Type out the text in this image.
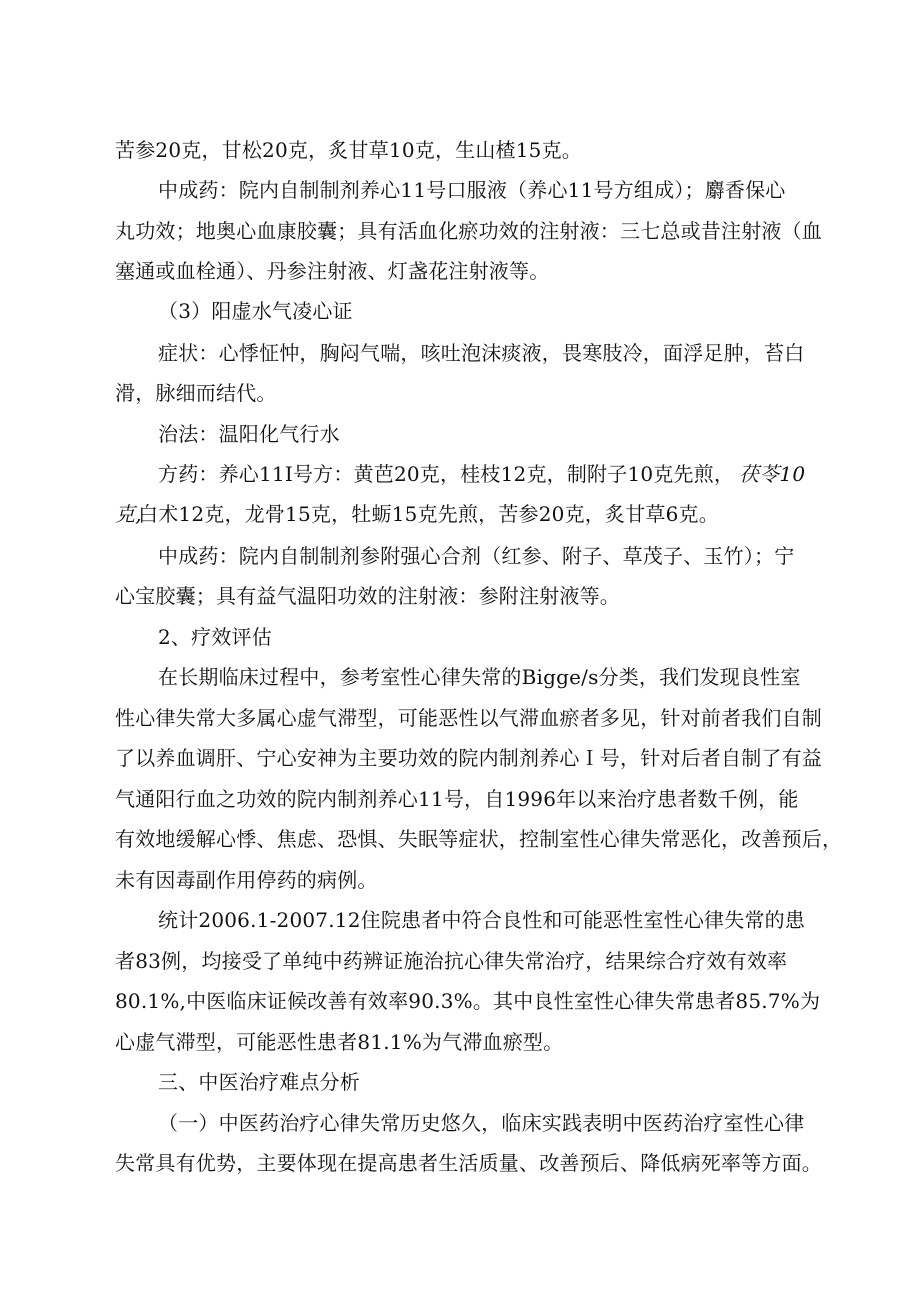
苦参20克，甘松20克，炙甘草10克，生山楂15克。

中成药：院内自制制剂养心11号口服液（养心11号方组成）；麝香保心

丸功效；地奥心血康胶囊；具有活血化瘀功效的注射液：三七总或昔注射液（血

塞通或血栓通）、丹参注射液、灯盏花注射液等。

（3）阳虚水气凌心证

症状：心悸怔忡，胸闷气喘，咳吐泡沫痰液，畏寒肢冷，面浮足肿，苔白

滑，脉细而结代。

治法：温阳化气行水

方药：养心11I号方：黄芭20克，桂枝12克，制附子10克先煎， 茯苓10

克,

白术12克，龙骨15克，牡蛎15克先煎，苦参20克，炙甘草6克。

中成药：院内自制制剂参附强心合剂（红参、附子、草茂子、玉竹）；宁

心宝胶囊；具有益气温阳功效的注射液：参附注射液等。

2、疗效评估

在长期临床过程中，参考室性心律失常的Bigge/s分类，我们发现良性室

性心律失常大多属心虚气滞型，可能恶性以气滞血瘀者多见，针对前者我们自制

了以养血调肝、宁心安神为主要功效的院内制剂养心Ｉ号，针对后者自制了有益

气通阳行血之功效的院内制剂养心11号，自1996年以来治疗患者数千例，能

有效地缓解心悸、焦虑、恐惧、失眠等症状，控制室性心律失常恶化，改善预后，

未有因毒副作用停药的病例。

统计2006.1-2007.12住院患者中符合良性和可能恶性室性心律失常的患

者83例，均接受了单纯中药辨证施治抗心律失常治疗，结果综合疗效有效率

80.1%,中医临床证候改善有效率90.3%。其中良性室性心律失常患者85.7%为

心虚气滞型，可能恶性患者81.1%为气滞血瘀型。

三、中医治疗难点分析

（一）中医药治疗心律失常历史悠久，临床实践表明中医药治疗室性心律

失常具有优势，主要体现在提高患者生活质量、改善预后、降低病死率等方面。
